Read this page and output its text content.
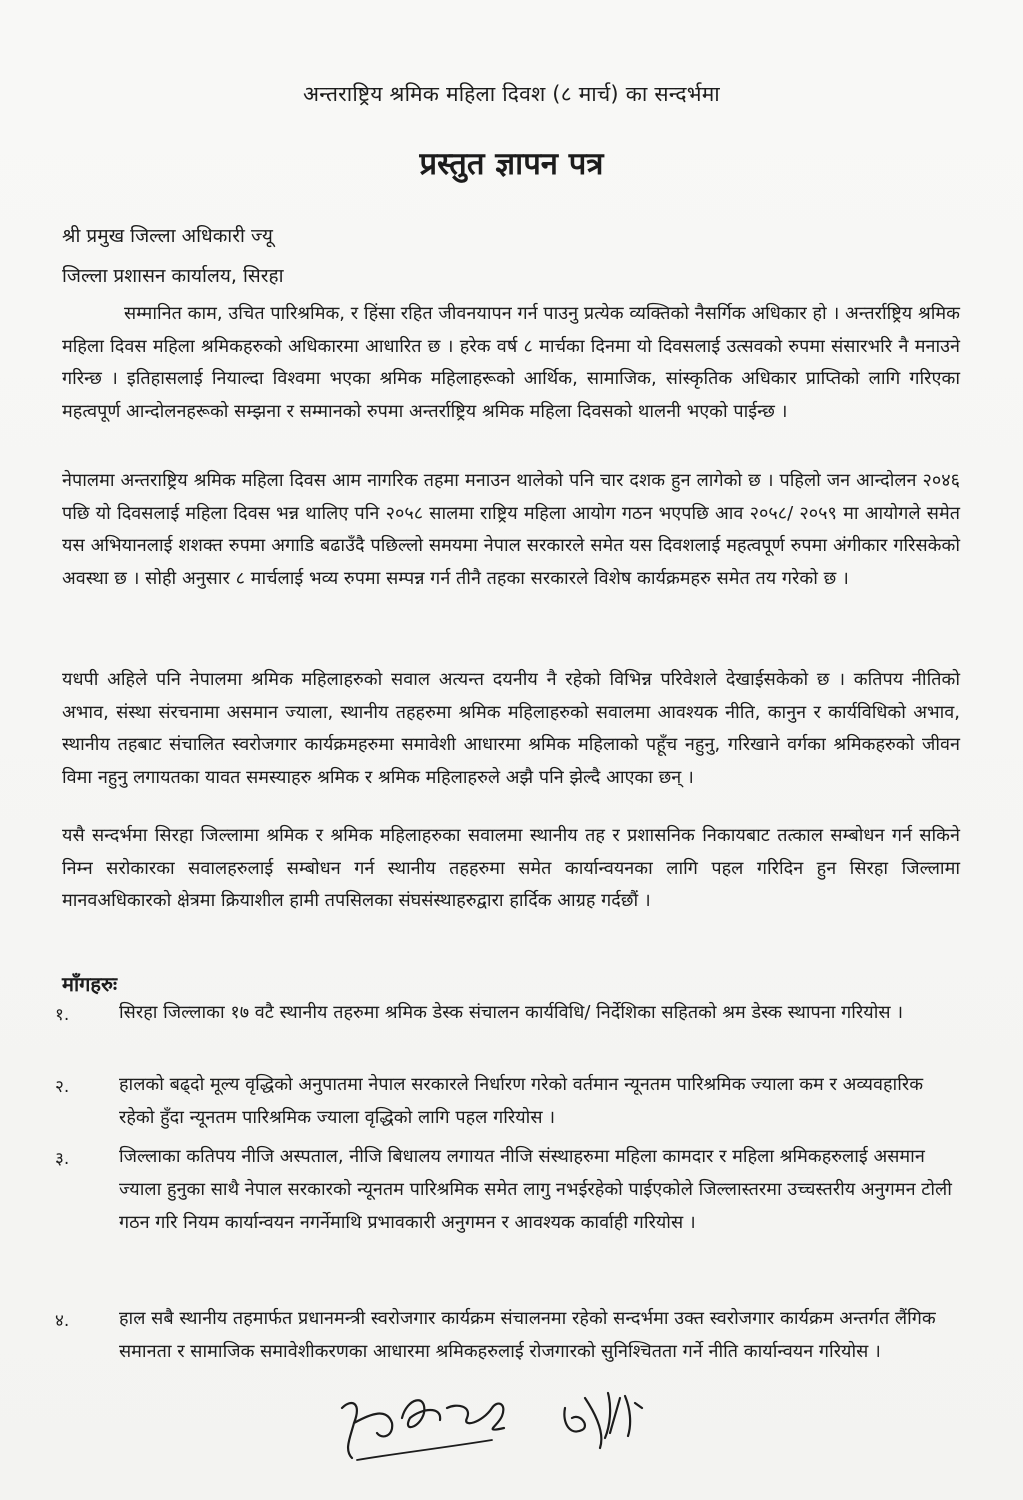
अन्तराष्ट्रिय श्रमिक महिला दिवश (८ मार्च) का सन्दर्भमा
प्रस्तुत ज्ञापन पत्र
श्री प्रमुख जिल्ला अधिकारी ज्यू
जिल्ला प्रशासन कार्यालय, सिरहा
सम्मानित काम, उचित पारिश्रमिक, र हिंसा रहित जीवनयापन गर्न पाउनु प्रत्येक व्यक्तिको नैसर्गिक अधिकार हो । अन्तर्राष्ट्रिय श्रमिक महिला दिवस महिला श्रमिकहरुको अधिकारमा आधारित छ । हरेक वर्ष ८ मार्चका दिनमा यो दिवसलाई उत्सवको रुपमा संसारभरि नै मनाउने गरिन्छ । इतिहासलाई नियाल्दा विश्वमा भएका श्रमिक महिलाहरूको आर्थिक, सामाजिक, सांस्कृतिक अधिकार प्राप्तिको लागि गरिएका महत्वपूर्ण आन्दोलनहरूको सम्झना र सम्मानको रुपमा अन्तर्राष्ट्रिय श्रमिक महिला दिवसको थालनी भएको पाईन्छ ।
नेपालमा अन्तराष्ट्रिय श्रमिक महिला दिवस आम नागरिक तहमा मनाउन थालेको पनि चार दशक हुन लागेको छ । पहिलो जन आन्दोलन २०४६ पछि यो दिवसलाई महिला दिवस भन्न थालिए पनि २०५८ सालमा राष्ट्रिय महिला आयोग गठन भएपछि आव २०५८/ २०५९ मा आयोगले समेत यस अभियानलाई शशक्त रुपमा अगाडि बढाउँदै पछिल्लो समयमा नेपाल सरकारले समेत यस दिवशलाई महत्वपूर्ण रुपमा अंगीकार गरिसकेको अवस्था छ । सोही अनुसार ८ मार्चलाई भव्य रुपमा सम्पन्न गर्न तीनै तहका सरकारले विशेष कार्यक्रमहरु समेत तय गरेको छ ।
यधपी अहिले पनि नेपालमा श्रमिक महिलाहरुको सवाल अत्यन्त दयनीय नै रहेको विभिन्न परिवेशले देखाईसकेको छ । कतिपय नीतिको अभाव, संस्था संरचनामा असमान ज्याला, स्थानीय तहहरुमा श्रमिक महिलाहरुको सवालमा आवश्यक नीति, कानुन र कार्यविधिको अभाव, स्थानीय तहबाट संचालित स्वरोजगार कार्यक्रमहरुमा समावेशी आधारमा श्रमिक महिलाको पहूँच नहुनु, गरिखाने वर्गका श्रमिकहरुको जीवन विमा नहुनु लगायतका यावत समस्याहरु श्रमिक र श्रमिक महिलाहरुले अझै पनि झेल्दै आएका छन् ।
यसै सन्दर्भमा सिरहा जिल्लामा श्रमिक र श्रमिक महिलाहरुका सवालमा स्थानीय तह र प्रशासनिक निकायबाट तत्काल सम्बोधन गर्न सकिने निम्न सरोकारका सवालहरुलाई सम्बोधन गर्न स्थानीय तहहरुमा समेत कार्यान्वयनका लागि पहल गरिदिन हुन सिरहा जिल्लामा मानवअधिकारको क्षेत्रमा क्रियाशील हामी तपसिलका संघसंस्थाहरुद्वारा हार्दिक आग्रह गर्दछौं ।
माँगहरुः
१.	सिरहा जिल्लाका १७ वटै स्थानीय तहरुमा श्रमिक डेस्क संचालन कार्यविधि/ निर्देशिका सहितको श्रम डेस्क स्थापना गरियोस ।
२.	हालको बढ्दो मूल्य वृद्धिको अनुपातमा नेपाल सरकारले निर्धारण गरेको वर्तमान न्यूनतम पारिश्रमिक ज्याला कम र अव्यवहारिक रहेको हुँदा न्यूनतम पारिश्रमिक ज्याला वृद्धिको लागि पहल गरियोस ।
३.	जिल्लाका कतिपय नीजि अस्पताल, नीजि बिधालय लगायत नीजि संस्थाहरुमा महिला कामदार र महिला श्रमिकहरुलाई असमान ज्याला हुनुका साथै नेपाल सरकारको न्यूनतम पारिश्रमिक समेत लागु नभईरहेको पाईएकोले जिल्लास्तरमा उच्चस्तरीय अनुगमन टोली गठन गरि नियम कार्यान्वयन नगर्नेमाथि प्रभावकारी अनुगमन र आवश्यक कार्वाही गरियोस ।
४.	हाल सबै स्थानीय तहमार्फत प्रधानमन्त्री स्वरोजगार कार्यक्रम संचालनमा रहेको सन्दर्भमा उक्त स्वरोजगार कार्यक्रम अन्तर्गत लैंगिक समानता र सामाजिक समावेशीकरणका आधारमा श्रमिकहरुलाई रोजगारको सुनिश्चितता गर्ने नीति कार्यान्वयन गरियोस ।
